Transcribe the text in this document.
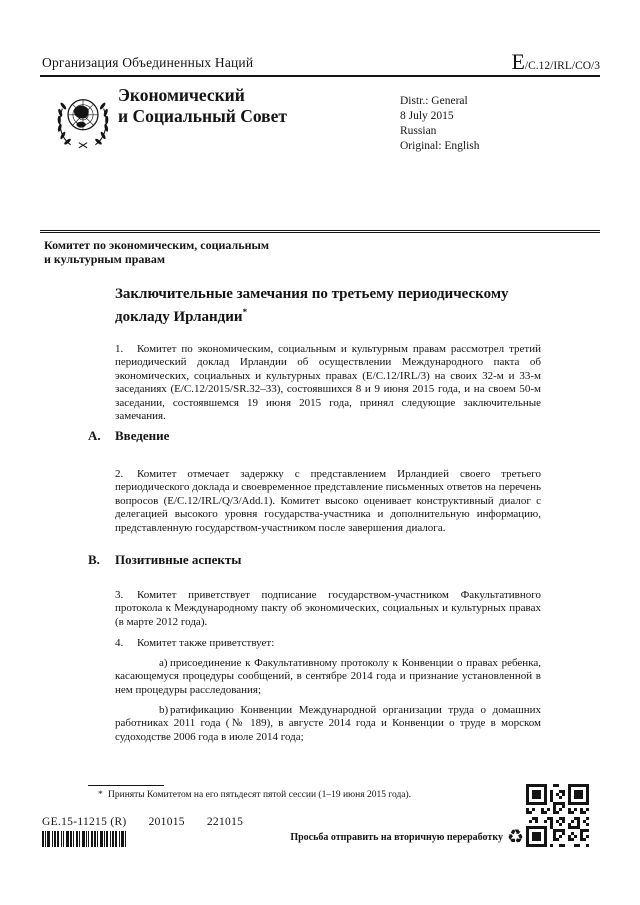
Организация Объединенных Наций	E/C.12/IRL/CO/3
Экономический
и Социальный Совет
Distr.: General
8 July 2015
Russian
Original: English
Комитет по экономическим, социальным
и культурным правам
Заключительные замечания по третьему периодическому докладу Ирландии*

1. Комитет по экономическим, социальным и культурным правам рассмотрел третий периодический доклад Ирландии об осуществлении Международного пакта об экономических, социальных и культурных правах (E/C.12/IRL/3) на своих 32-м и 33-м заседаниях (E/C.12/2015/SR.32–33), состоявшихся 8 и 9 июня 2015 года, и на своем 50-м заседании, состоявшемся 19 июня 2015 года, принял следующие заключительные замечания.

A. Введение

2. Комитет отмечает задержку с представлением Ирландией своего третьего периодического доклада и своевременное представление письменных ответов на перечень вопросов (E/C.12/IRL/Q/3/Add.1). Комитет высоко оценивает конструктивный диалог с делегацией высокого уровня государства-участника и дополнительную информацию, представленную государством-участником после завершения диалога.

B. Позитивные аспекты

3. Комитет приветствует подписание государством-участником Факультативного протокола к Международному пакту об экономических, социальных и культурных правах (в марте 2012 года).

4. Комитет также приветствует:

a) присоединение к Факультативному протоколу к Конвенции о правах ребенка, касающемуся процедуры сообщений, в сентябре 2014 года и признание установленной в нем процедуры расследования;

b) ратификацию Конвенции Международной организации труда о домашних работниках 2011 года (№ 189), в августе 2014 года и Конвенции о труде в морском судоходстве 2006 года в июле 2014 года;

* Приняты Комитетом на его пятьдесят пятой сессии (1–19 июня 2015 года).
GE.15-11215 (R) 201015 221015
Просьба отправить на вторичную переработку ♻
